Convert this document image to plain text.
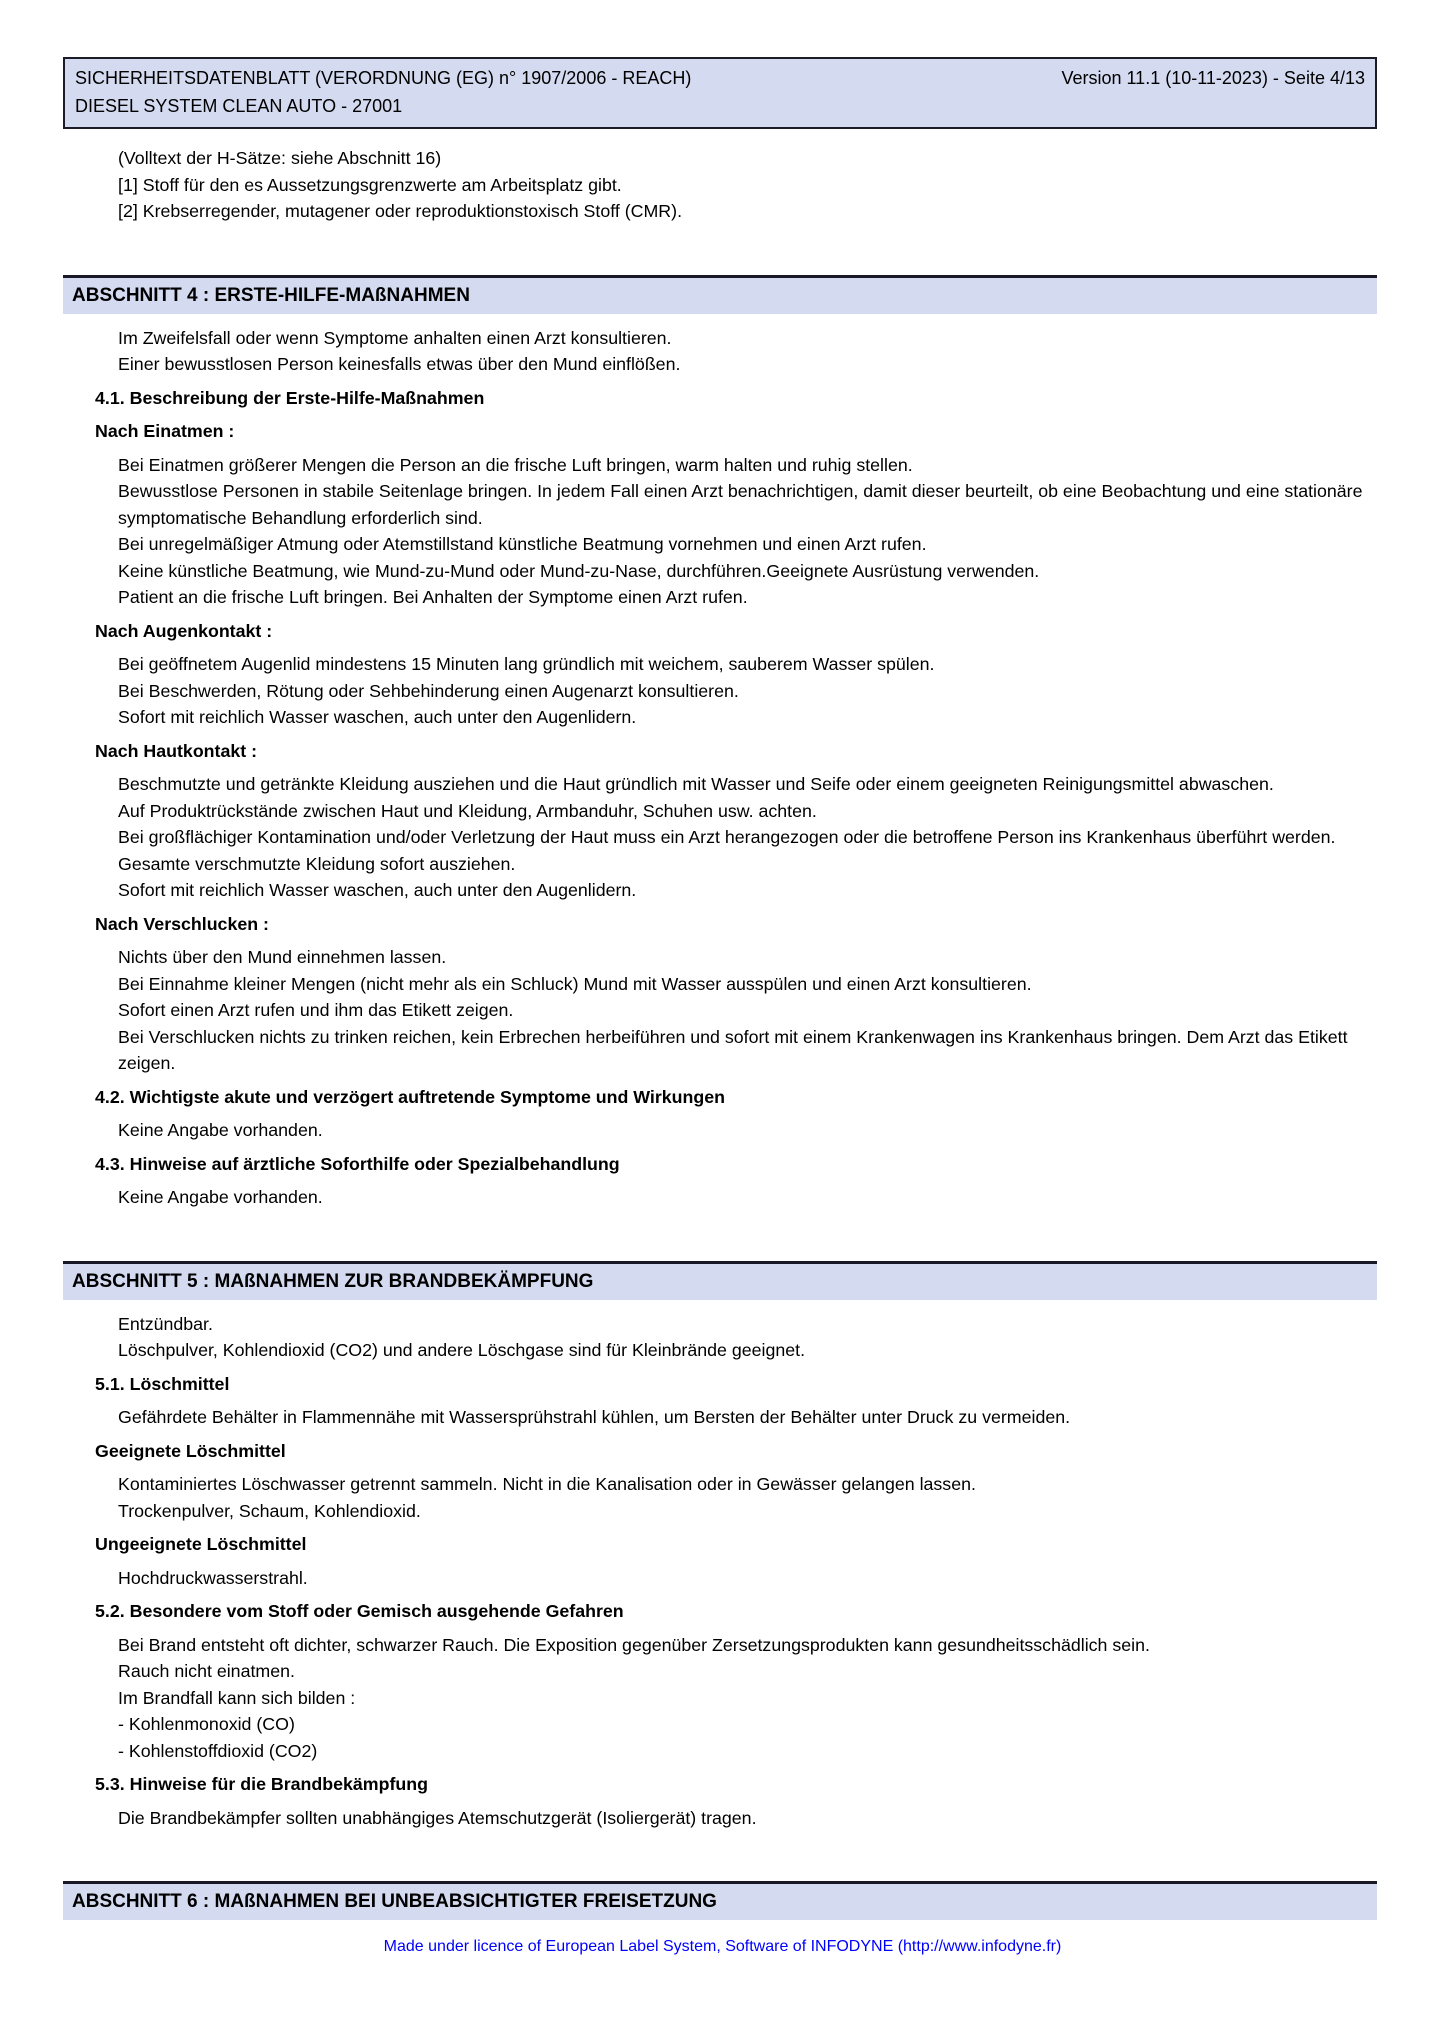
SICHERHEITSDATENBLATT (VERORDNUNG (EG) n° 1907/2006 - REACH)	Version 11.1 (10-11-2023) - Seite 4/13
DIESEL SYSTEM CLEAN AUTO - 27001
(Volltext der H-Sätze: siehe Abschnitt 16)
[1] Stoff für den es Aussetzungsgrenzwerte am Arbeitsplatz gibt.
[2] Krebserregender, mutagener oder reproduktionstoxisch Stoff (CMR).
ABSCHNITT 4 : ERSTE-HILFE-MAßNAHMEN
Im Zweifelsfall oder wenn Symptome anhalten einen Arzt konsultieren.
Einer bewusstlosen Person keinesfalls etwas über den Mund einflößen.
4.1. Beschreibung der Erste-Hilfe-Maßnahmen
Nach Einatmen :
Bei Einatmen größerer Mengen die Person an die frische Luft bringen, warm halten und ruhig stellen.
Bewusstlose Personen in stabile Seitenlage bringen. In jedem Fall einen Arzt benachrichtigen, damit dieser beurteilt, ob eine Beobachtung und eine stationäre symptomatische Behandlung erforderlich sind.
Bei unregelmäßiger Atmung oder Atemstillstand künstliche Beatmung vornehmen und einen Arzt rufen.
Keine künstliche Beatmung, wie Mund-zu-Mund oder Mund-zu-Nase, durchführen.Geeignete Ausrüstung verwenden.
Patient an die frische Luft bringen. Bei Anhalten der Symptome einen Arzt rufen.
Nach Augenkontakt :
Bei geöffnetem Augenlid mindestens 15 Minuten lang gründlich mit weichem, sauberem Wasser spülen.
Bei Beschwerden, Rötung oder Sehbehinderung einen Augenarzt konsultieren.
Sofort mit reichlich Wasser waschen, auch unter den Augenlidern.
Nach Hautkontakt :
Beschmutzte und getränkte Kleidung ausziehen und die Haut gründlich mit Wasser und Seife oder einem geeigneten Reinigungsmittel abwaschen.
Auf Produktrückstände zwischen Haut und Kleidung, Armbanduhr, Schuhen usw. achten.
Bei großflächiger Kontamination und/oder Verletzung der Haut muss ein Arzt herangezogen oder die betroffene Person ins Krankenhaus überführt werden.
Gesamte verschmutzte Kleidung sofort ausziehen.
Sofort mit reichlich Wasser waschen, auch unter den Augenlidern.
Nach Verschlucken :
Nichts über den Mund einnehmen lassen.
Bei Einnahme kleiner Mengen (nicht mehr als ein Schluck) Mund mit Wasser ausspülen und einen Arzt konsultieren.
Sofort einen Arzt rufen und ihm das Etikett zeigen.
Bei Verschlucken nichts zu trinken reichen, kein Erbrechen herbeiführen und sofort mit einem Krankenwagen ins Krankenhaus bringen. Dem Arzt das Etikett zeigen.
4.2. Wichtigste akute und verzögert auftretende Symptome und Wirkungen
Keine Angabe vorhanden.
4.3. Hinweise auf ärztliche Soforthilfe oder Spezialbehandlung
Keine Angabe vorhanden.
ABSCHNITT 5 : MAßNAHMEN ZUR BRANDBEKÄMPFUNG
Entzündbar.
Löschpulver, Kohlendioxid (CO2) und andere Löschgase sind für Kleinbrände geeignet.
5.1. Löschmittel
Gefährdete Behälter in Flammennähe mit Wassersprühstrahl kühlen, um Bersten der Behälter unter Druck zu vermeiden.
Geeignete Löschmittel
Kontaminiertes Löschwasser getrennt sammeln. Nicht in die Kanalisation oder in Gewässer gelangen lassen.
Trockenpulver, Schaum, Kohlendioxid.
Ungeeignete Löschmittel
Hochdruckwasserstrahl.
5.2. Besondere vom Stoff oder Gemisch ausgehende Gefahren
Bei Brand entsteht oft dichter, schwarzer Rauch. Die Exposition gegenüber Zersetzungsprodukten kann gesundheitsschädlich sein.
Rauch nicht einatmen.
Im Brandfall kann sich bilden :
- Kohlenmonoxid (CO)
- Kohlenstoffdioxid (CO2)
5.3. Hinweise für die Brandbekämpfung
Die Brandbekämpfer sollten unabhängiges Atemschutzgerät (Isoliergerät) tragen.
ABSCHNITT 6 : MAßNAHMEN BEI UNBEABSICHTIGTER FREISETZUNG
Made under licence of European Label System, Software of INFODYNE (http://www.infodyne.fr)
